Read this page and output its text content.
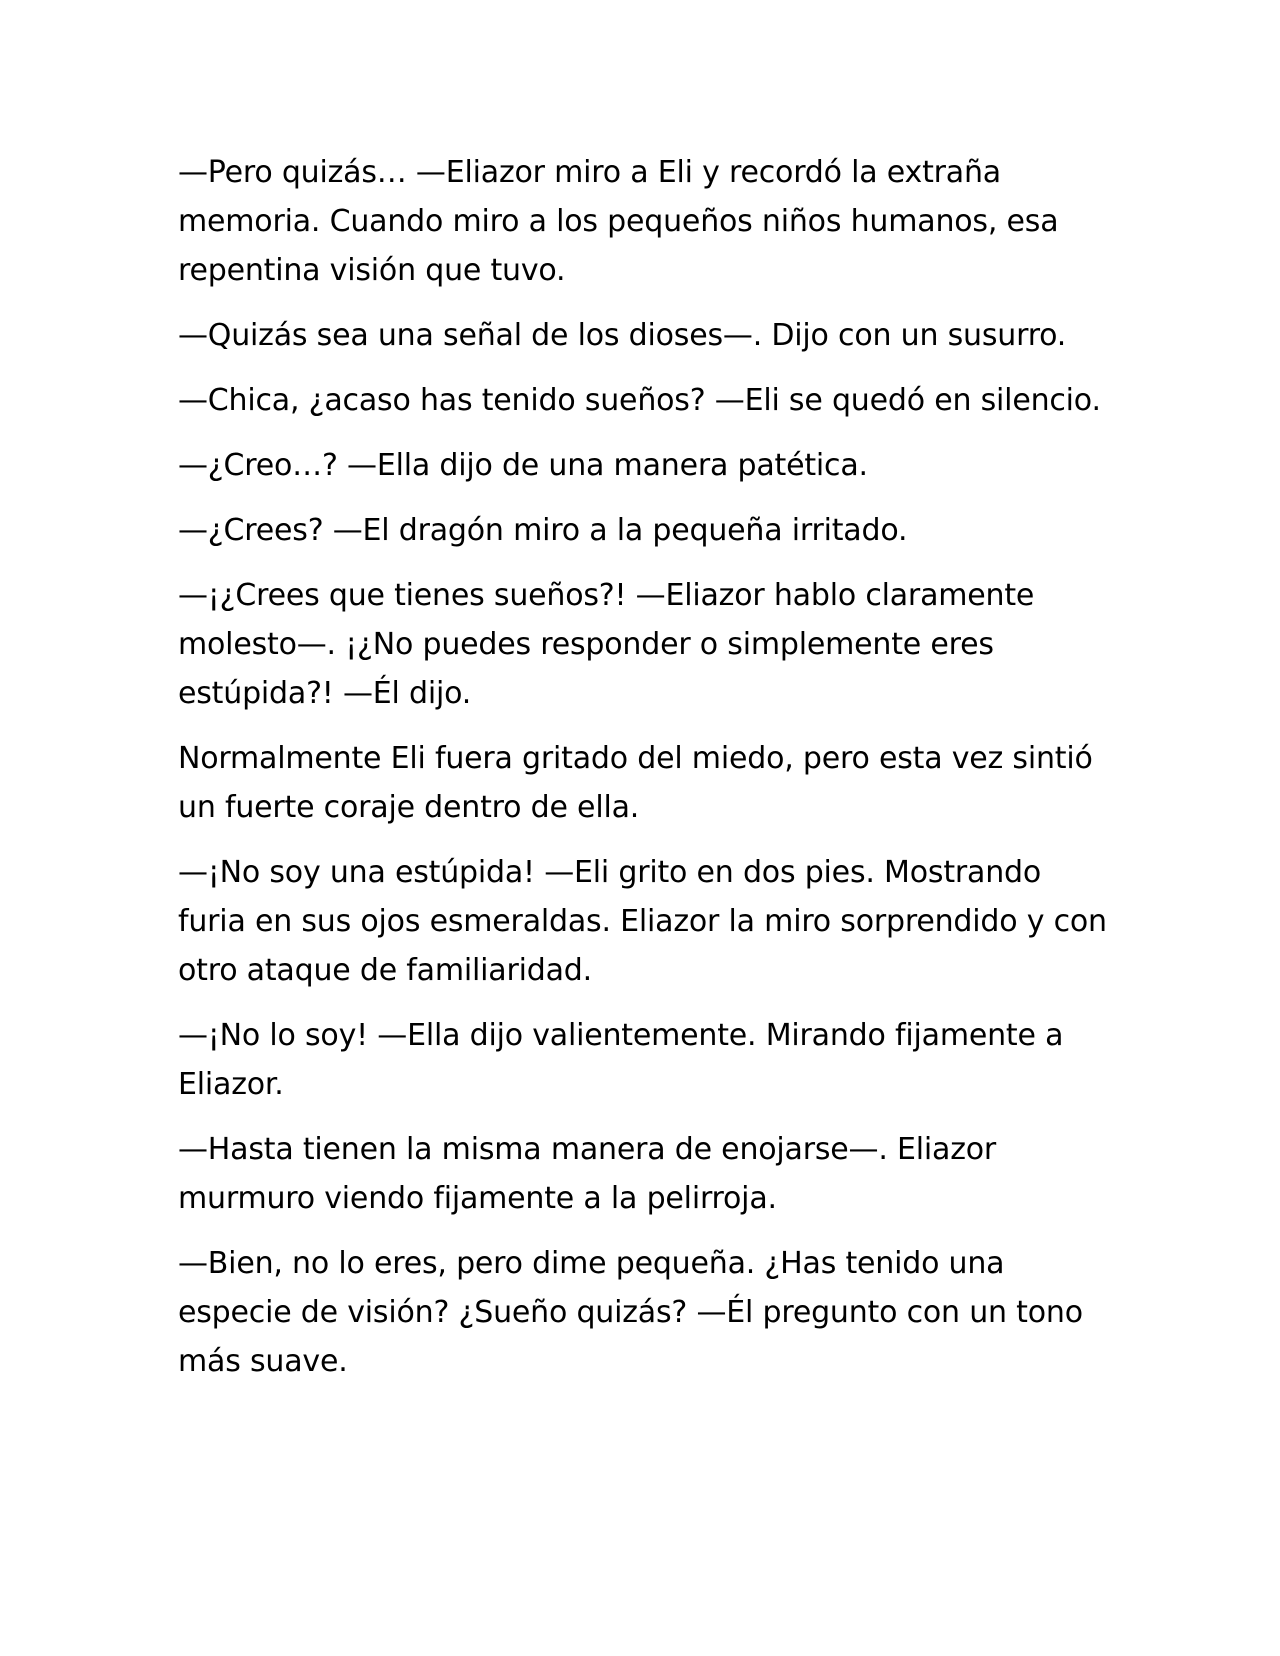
—Pero quizás… —Eliazor miro a Eli y recordó la extraña memoria. Cuando miro a los pequeños niños humanos, esa repentina visión que tuvo.

—Quizás sea una señal de los dioses—. Dijo con un susurro.

—Chica, ¿acaso has tenido sueños? —Eli se quedó en silencio.

—¿Creo…? —Ella dijo de una manera patética.

—¿Crees? —El dragón miro a la pequeña irritado.

—¡¿Crees que tienes sueños?! —Eliazor hablo claramente molesto—. ¡¿No puedes responder o simplemente eres estúpida?! —Él dijo.

Normalmente Eli fuera gritado del miedo, pero esta vez sintió un fuerte coraje dentro de ella.

—¡No soy una estúpida! —Eli grito en dos pies. Mostrando furia en sus ojos esmeraldas. Eliazor la miro sorprendido y con otro ataque de familiaridad.

—¡No lo soy! —Ella dijo valientemente. Mirando fijamente a Eliazor.

—Hasta tienen la misma manera de enojarse—. Eliazor murmuro viendo fijamente a la pelirroja.

—Bien, no lo eres, pero dime pequeña. ¿Has tenido una especie de visión? ¿Sueño quizás? —Él pregunto con un tono más suave.
